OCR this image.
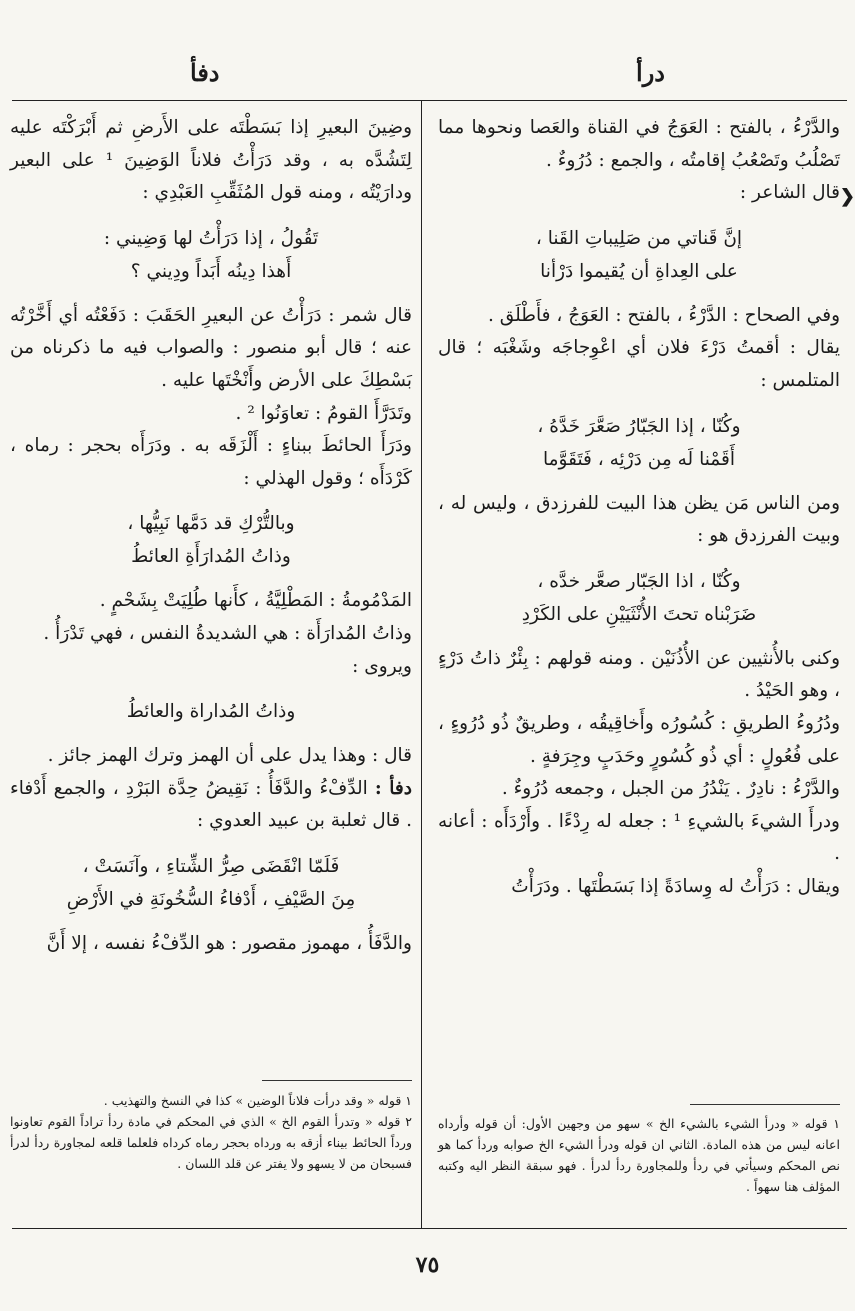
درأ
دفأ
❯

والدَّرْءُ ، بالفتح : العَوَجُ في القناة والعَصا ونحوها مما تَصْلُبُ وتَصْعُبُ إقامتُه ، والجمع : دُرُوءٌ .

قال الشاعر :

إنَّ قَناتي من صَلِيباتِ القَنا ،
على العِداةِ أن يُقيموا دَرْأنا

وفي الصحاح : الدَّرْءُ ، بالفتح : العَوَجُ ، فأَطْلَق .

يقال : أقمتُ دَرْءَ فلان أي اعْوِجاجَه وشَغْبَه ؛ قال المتلمس :

وكُنّا ، إذا الجَبّارُ صَعَّرَ خَدَّهُ ،
أَقَمْنا لَه مِن دَرْئِه ، فَتَقَوَّما

ومن الناس مَن يظن هذا البيت للفرزدق ، وليس له ، وبيت الفرزدق هو :

وكُنّا ، اذا الجَبّار صعَّر خدَّه ،
ضَرَبْناه تحتَ الأُنْثَيَيْنِ على الكَرْدِ

وكنى بالأُنثيين عن الأُذُنَيْن . ومنه قولهم : بِئْرٌ ذاتُ دَرْءٍ ، وهو الحَيْدُ .

ودُرُوءُ الطريقِ : كُسُورُه وأَخاقِيقُه ، وطريقٌ ذُو دُرُوءٍ ، على فُعُولٍ : أي ذُو كُسُورٍ وحَدَبٍ وجِرَفةٍ .

والدَّرْءُ : نادِرٌ . يَنْدُرُ من الجبل ، وجمعه دُرُوءٌ .

ودرأَ الشيءَ بالشيءِ ¹ : جعله له رِدْءًا . وأَرْدَأَه : أعانه .

ويقال : دَرَأْتُ له وِسادَةً إذا بَسَطْتَها . ودَرَأْتُ

١ قوله « ودرأ الشيء بالشيء الخ » سهو من وجهين الأول: أن قوله وأرداه اعانه ليس من هذه المادة. الثاني ان قوله ودرأ الشيء الخ صوابه وردأ كما هو نص المحكم وسيأتي في ردأ وللمجاورة ردأ لدرأ . فهو سبقة النظر اليه وكتبه المؤلف هنا سهواً .

وضِينَ البعيرِ إذا بَسَطْتَه على الأَرضِ ثم أَبْرَكْتَه عليه لِتَشُدَّه به ، وقد دَرَأْتُ فلاناً الوَضِينَ ¹ على البعير ودارَيْتُه ، ومنه قول المُثَقِّبِ العَبْدِي :

تَقُولُ ، إذا دَرَأْتُ لها وَضِيني :
أَهذا دِينُه أَبَداً ودِيني ؟

قال شمر : دَرَأْتُ عن البعيرِ الحَقَبَ : دَفَعْتُه أي أَخَّرْتُه عنه ؛ قال أبو منصور : والصواب فيه ما ذكرناه من بَسْطِكَ على الأرض وأَنْخْتَها عليه .

وتَدَرَّأَ القومُ : تعاوَنُوا ² .

ودَرَأَ الحائطَ ببناءٍ : أَلْزَقَه به . ودَرَأَه بحجر : رماه ، كَرْدَأَه ؛ وقول الهذلي :

وبالتُّرْكِ قد دَمَّها نَبِيُّها ،
وذاتُ المُدارَأَةِ العائطُ

المَدْمُومةُ : المَطْلِيَّةُ ، كأَنها طُلِيَتْ بِشَحْمٍ .

وذاتُ المُدارَأَة : هي الشديدةُ النفس ، فهي تَدْرَأُ .

ويروى :

وذاتُ المُداراة والعائطُ

قال : وهذا يدل على أن الهمز وترك الهمز جائز .

دفأ : الدِّفْءُ والدَّفَأُ : نَقِيضُ حِدَّة البَرْدِ ، والجمع أَدْفاء . قال ثعلبة بن عبيد العدوي :

فَلَمّا انْقَضَى صِرُّ الشِّتاءِ ، وآنَسَتْ ،
مِنَ الصَّيْفِ ، أَدْفاءُ السُّخُونَةِ في الأَرْضِ

والدَّفَأُ ، مهموز مقصور : هو الدِّفْءُ نفسه ، إلا أَنَّ

١ قوله « وقد درأت فلاناً الوضين » كذا في النسخ والتهذيب .
٢ قوله « وتدرأ القوم الخ » الذي في المحكم في مادة ردأ تراداً القوم تعاونوا ورداً الحائط بيناء أزقه به ورداه بحجر رماه كرداه فلعلما قلعه لمجاورة ردأ لدرأ فسبحان من لا يسهو ولا يفتر عن قلد اللسان .
٧٥
